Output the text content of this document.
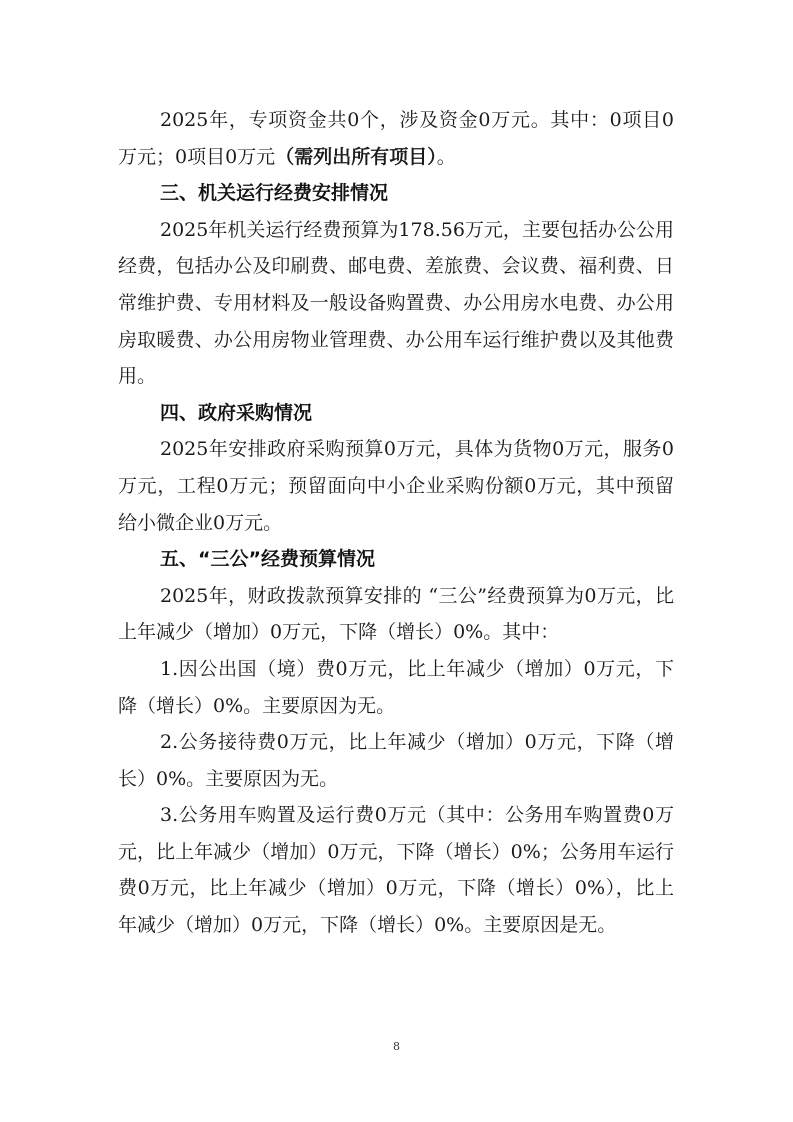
2025年，专项资金共0个，涉及资金0万元。其中：0项目0万元；0项目0万元（需列出所有项目）。

三、机关运行经费安排情况

2025年机关运行经费预算为178.56万元，主要包括办公公用经费，包括办公及印刷费、邮电费、差旅费、会议费、福利费、日常维护费、专用材料及一般设备购置费、办公用房水电费、办公用房取暖费、办公用房物业管理费、办公用车运行维护费以及其他费用。

四、政府采购情况

2025年安排政府采购预算0万元，具体为货物0万元，服务0万元，工程0万元；预留面向中小企业采购份额0万元，其中预留给小微企业0万元。

五、“三公”经费预算情况

2025年，财政拨款预算安排的 “三公”经费预算为0万元，比上年减少（增加）0万元，下降（增长）0%。其中：

1.因公出国（境）费0万元，比上年减少（增加）0万元，下降（增长）0%。主要原因为无。

2.公务接待费0万元，比上年减少（增加）0万元，下降（增长）0%。主要原因为无。

3.公务用车购置及运行费0万元（其中：公务用车购置费0万元，比上年减少（增加）0万元，下降（增长）0%；公务用车运行费0万元，比上年减少（增加）0万元，下降（增长）0%），比上年减少（增加）0万元，下降（增长）0%。主要原因是无。

8
